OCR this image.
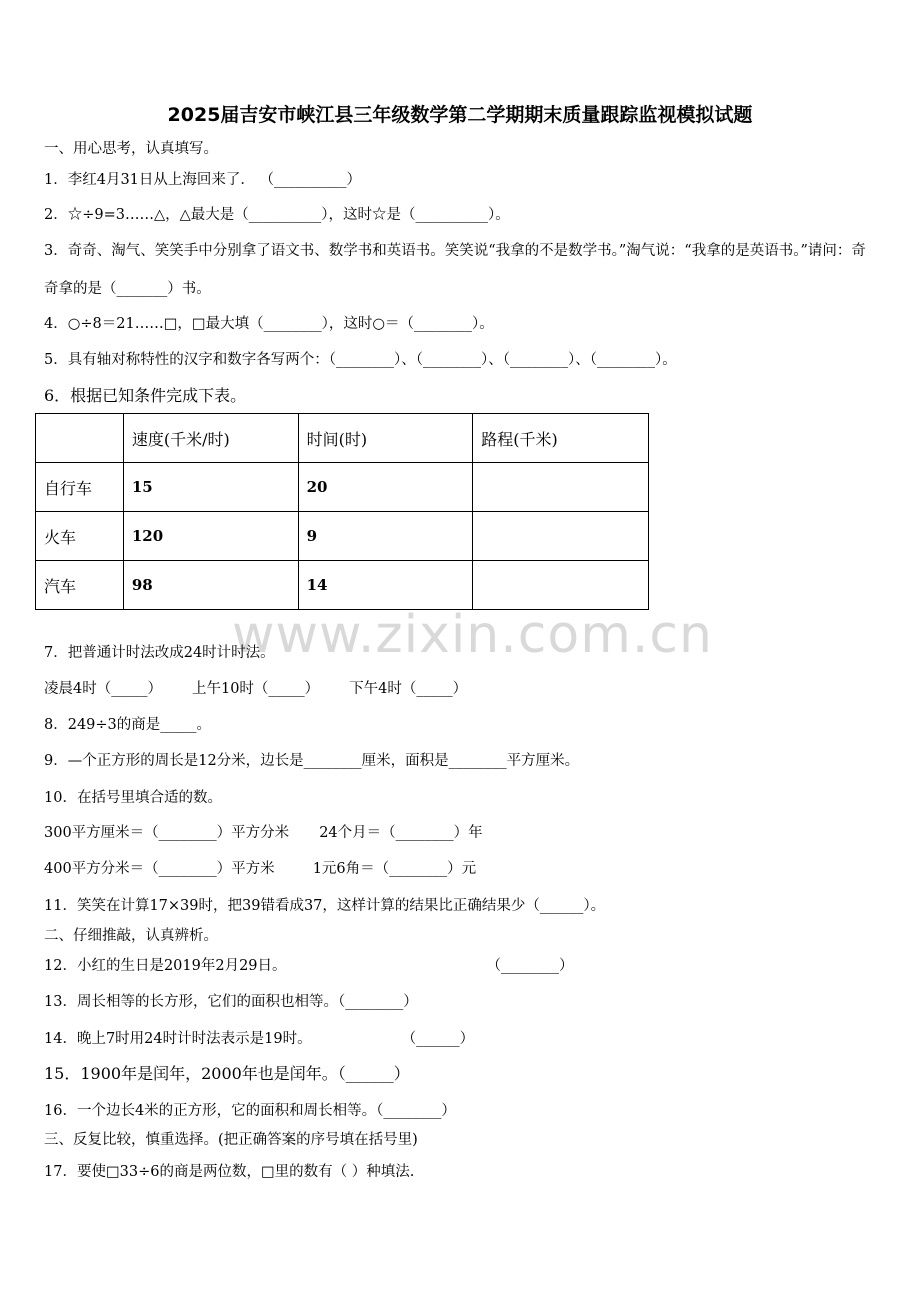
www.zixin.com.cn
2025届吉安市峡江县三年级数学第二学期期末质量跟踪监视模拟试题
一、用心思考，认真填写。
1．李红4月31日从上海回来了． （__________）
2．☆÷9=3……△，△最大是（__________），这时☆是（__________）。
3．奇奇、淘气、笑笑手中分别拿了语文书、数学书和英语书。笑笑说“我拿的不是数学书。”淘气说：“我拿的是英语书。”请问：奇奇拿的是（_______）书。
4．○÷8＝21……□，□最大填（________），这时○＝（________）。
5．具有轴对称特性的汉字和数字各写两个：（________）、（________）、（________）、（________）。
6．根据已知条件完成下表。
	速度(千米/时)	时间(时)	路程(千米)
自行车	15	20	
火车	120	9	
汽车	98	14	
7．把普通计时法改成24时计时法。
凌晨4时（_____） 上午10时（_____） 下午4时（_____）
8．249÷3的商是_____。
9．—个正方形的周长是12分米，边长是________厘米，面积是________平方厘米。
10．在括号里填合适的数。
300平方厘米＝（________）平方分米 24个月＝（________）年
400平方分米＝（________）平方米	1元6角＝（________）元
11．笑笑在计算17×39时，把39错看成37，这样计算的结果比正确结果少（______）。
二、仔细推敲，认真辨析。
12．小红的生日是2019年2月29日。	（________）
13．周长相等的长方形，它们的面积也相等。（________）
14．晚上7时用24时计时法表示是19时。	（______）
15．1900年是闰年，2000年也是闰年。（______）
16．一个边长4米的正方形，它的面积和周长相等。（________）
三、反复比较，慎重选择。(把正确答案的序号填在括号里)
17．要使□33÷6的商是两位数，□里的数有（ ）种填法.
